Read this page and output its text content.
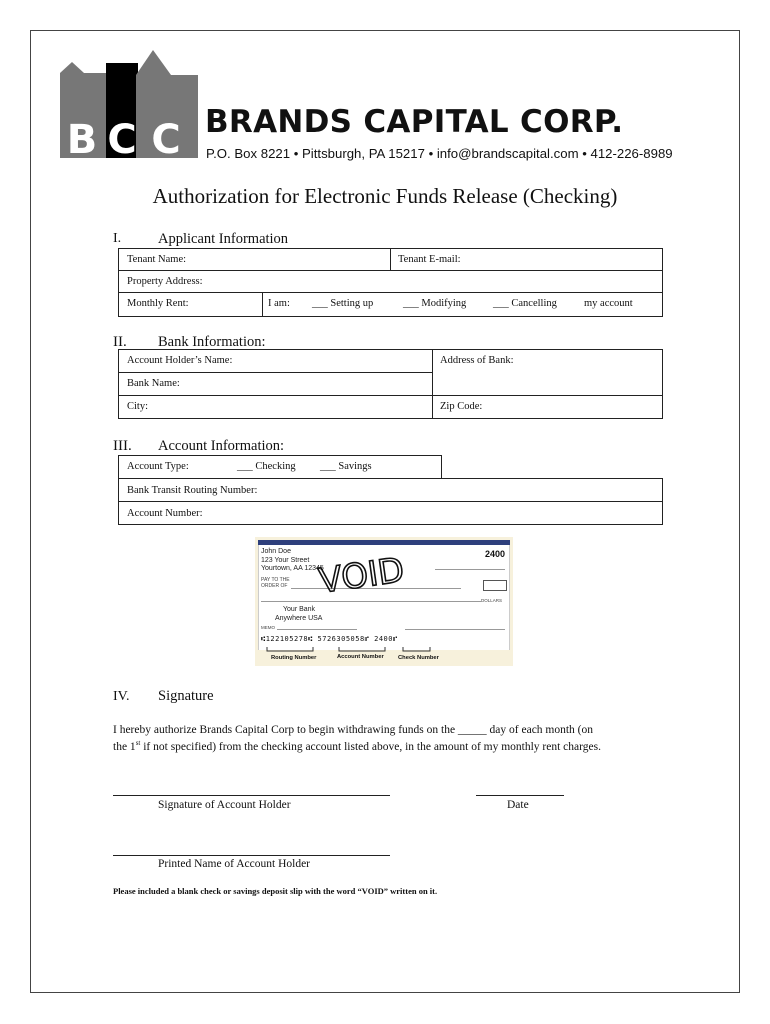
B C C BRANDS CAPITAL CORP.
P.O. Box 8221 • Pittsburgh, PA 15217 • info@brandscapital.com • 412-226-8989
Authorization for Electronic Funds Release (Checking)
I.	Applicant Information
Tenant Name:	Tenant E-mail:
Property Address:
Monthly Rent:	I am: ___ Setting up	___ Modifying	___ Cancelling	my account
II. Bank Information:
Account Holder’s Name:	Address of Bank:
Bank Name:
City:	Zip Code:
III. Account Information:
Account Type:	___ Checking ___ Savings
Bank Transit Routing Number:
Account Number:
John Doe
123 Your Street
Yourtown, AA 12345
2400
PAY TO THE
ORDER OF
DOLLARS
Your Bank
Anywhere USA
MEMO
⑆122105278⑆ 5726305058⑈ 2400⑈
VOID
Routing Number	Account Number Check Number
IV. Signature
I hereby authorize Brands Capital Corp to begin withdrawing funds on the _____ day of each month (on
the 1st if not specified) from the checking account listed above, in the amount of my monthly rent charges.
Signature of Account Holder	Date
Printed Name of Account Holder
Please included a blank check or savings deposit slip with the word “VOID” written on it.
